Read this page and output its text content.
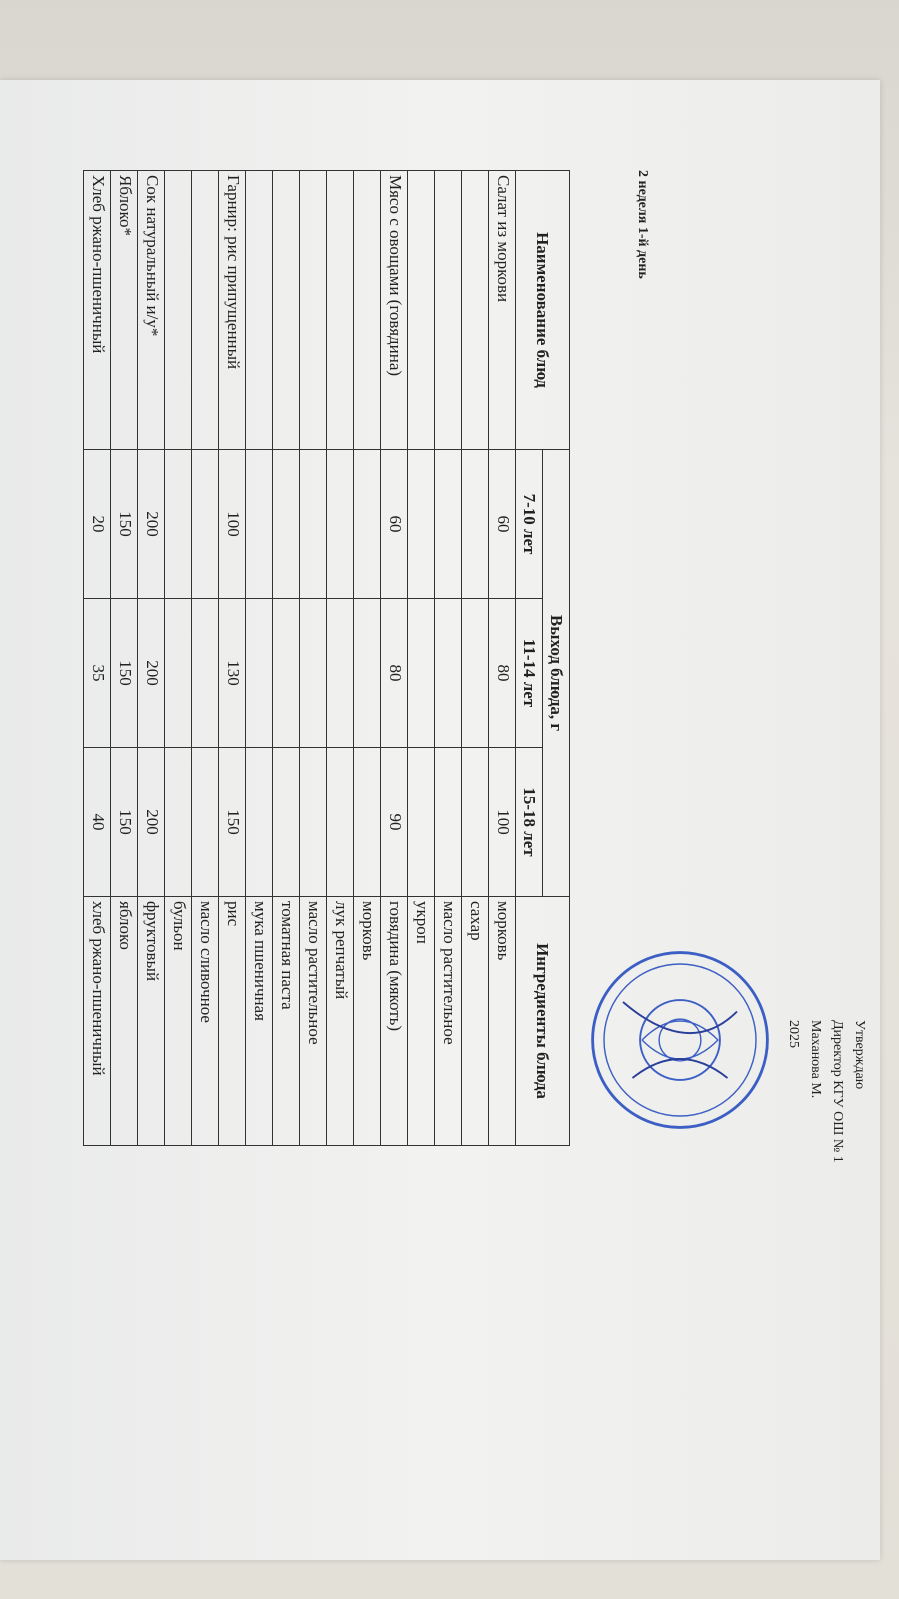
2 неделя 1-й день
Наименование блюд	Выход блюда, г			Ингредиенты блюда
	7-10 лет	11-14 лет	15-18 лет	
Салат из моркови	60	80	100	морковь
				сахар
				масло растительное
				укроп
Мясо с овощами (говядина)	60	80	90	говядина (мякоть)
				морковь
				лук репчатый
				масло растительное
				томатная паста
				мука пшеничная
Гарнир: рис припущенный	100	130	150	рис
				масло сливочное
				бульон
Сок натуральный и/у*	200	200	200	фруктовый
Яблоко*	150	150	150	яблоко
Хлеб ржано-пшеничный	20	35	40	хлеб ржано-пшеничный	Утверждаю
Директор КГУ ОШ № 1
Маханова М.
2025
